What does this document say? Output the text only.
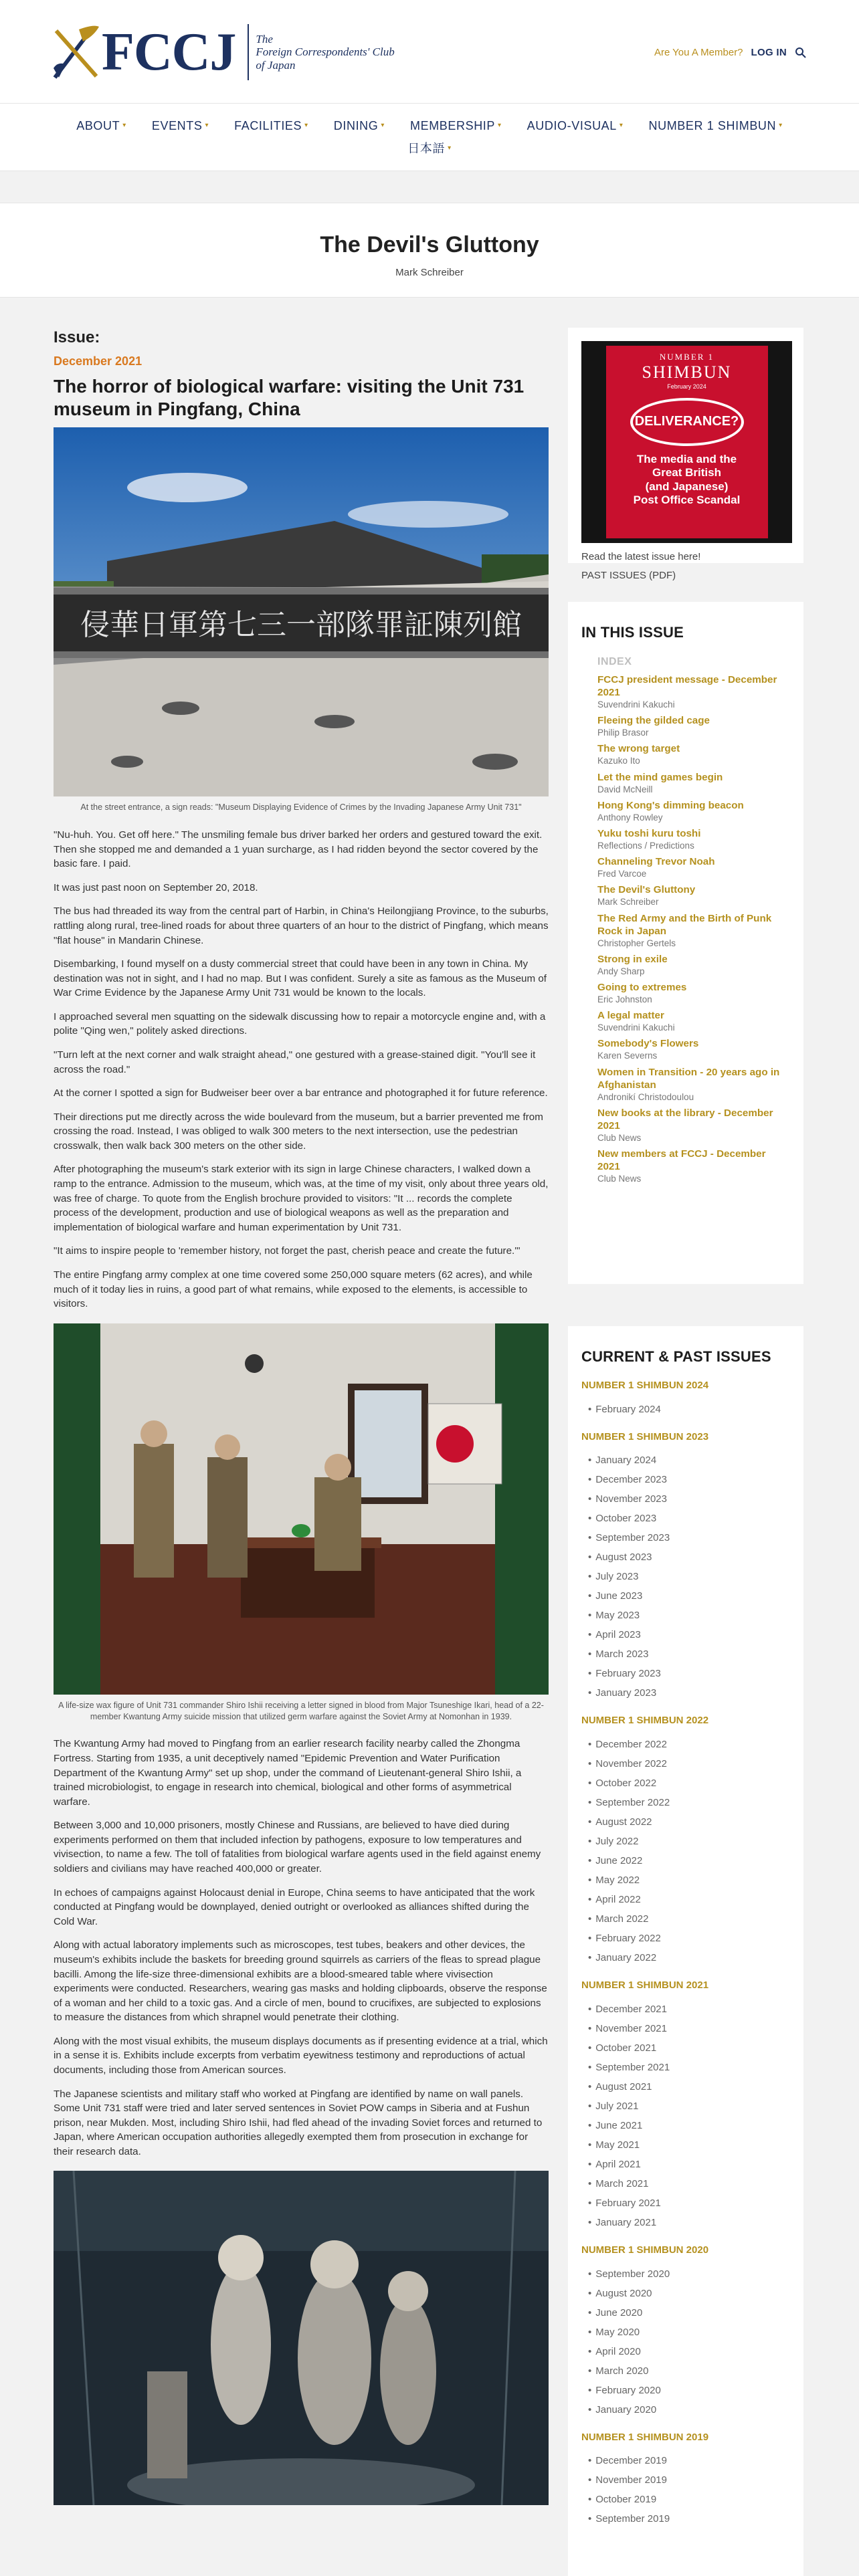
FCCJ The
Foreign Correspondents' Club
of Japan
Are You A Member? LOG IN
ABOUT ▾ EVENTS ▾ FACILITIES ▾ DINING ▾ MEMBERSHIP ▾ AUDIO-VISUAL ▾ NUMBER 1 SHIMBUN ▾
日本語 ▾
The Devil's Gluttony
Mark Schreiber
Issue:
December 2021
The horror of biological warfare: visiting the Unit 731 museum in Pingfang, China
侵華日軍第七三一部隊罪証陳列館
At the street entrance, a sign reads: "Museum Displaying Evidence of Crimes by the Invading Japanese Army Unit 731"

"Nu-huh. You. Get off here." The unsmiling female bus driver barked her orders and gestured toward the exit. Then she stopped me and demanded a 1 yuan surcharge, as I had ridden beyond the sector covered by the basic fare. I paid.

It was just past noon on September 20, 2018.

The bus had threaded its way from the central part of Harbin, in China's Heilongjiang Province, to the suburbs, rattling along rural, tree-lined roads for about three quarters of an hour to the district of Pingfang, which means "flat house" in Mandarin Chinese.

Disembarking, I found myself on a dusty commercial street that could have been in any town in China. My destination was not in sight, and I had no map. But I was confident. Surely a site as famous as the Museum of War Crime Evidence by the Japanese Army Unit 731 would be known to the locals.

I approached several men squatting on the sidewalk discussing how to repair a motorcycle engine and, with a polite "Qing wen," politely asked directions.

"Turn left at the next corner and walk straight ahead," one gestured with a grease-stained digit. "You'll see it across the road."

At the corner I spotted a sign for Budweiser beer over a bar entrance and photographed it for future reference.

Their directions put me directly across the wide boulevard from the museum, but a barrier prevented me from crossing the road. Instead, I was obliged to walk 300 meters to the next intersection, use the pedestrian crosswalk, then walk back 300 meters on the other side.

After photographing the museum's stark exterior with its sign in large Chinese characters, I walked down a ramp to the entrance. Admission to the museum, which was, at the time of my visit, only about three years old, was free of charge. To quote from the English brochure provided to visitors: "It ... records the complete process of the development, production and use of biological weapons as well as the preparation and implementation of biological warfare and human experimentation by Unit 731.

"It aims to inspire people to 'remember history, not forget the past, cherish peace and create the future.'"

The entire Pingfang army complex at one time covered some 250,000 square meters (62 acres), and while much of it today lies in ruins, a good part of what remains, while exposed to the elements, is accessible to visitors.

A life-size wax figure of Unit 731 commander Shiro Ishii receiving a letter signed in blood from Major Tsuneshige Ikari, head of a 22-member Kwantung Army suicide mission that utilized germ warfare against the Soviet Army at Nomonhan in 1939.

The Kwantung Army had moved to Pingfang from an earlier research facility nearby called the Zhongma Fortress. Starting from 1935, a unit deceptively named "Epidemic Prevention and Water Purification Department of the Kwantung Army" set up shop, under the command of Lieutenant-general Shiro Ishii, a trained microbiologist, to engage in research into chemical, biological and other forms of asymmetrical warfare.

Between 3,000 and 10,000 prisoners, mostly Chinese and Russians, are believed to have died during experiments performed on them that included infection by pathogens, exposure to low temperatures and vivisection, to name a few. The toll of fatalities from biological warfare agents used in the field against enemy soldiers and civilians may have reached 400,000 or greater.

In echoes of campaigns against Holocaust denial in Europe, China seems to have anticipated that the work conducted at Pingfang would be downplayed, denied outright or overlooked as alliances shifted during the Cold War.

Along with actual laboratory implements such as microscopes, test tubes, beakers and other devices, the museum's exhibits include the baskets for breeding ground squirrels as carriers of the fleas to spread plague bacilli. Among the life-size three-dimensional exhibits are a blood-smeared table where vivisection experiments were conducted. Researchers, wearing gas masks and holding clipboards, observe the response of a woman and her child to a toxic gas. And a circle of men, bound to crucifixes, are subjected to explosions to measure the distances from which shrapnel would penetrate their clothing.

Along with the most visual exhibits, the museum displays documents as if presenting evidence at a trial, which in a sense it is. Exhibits include excerpts from verbatim eyewitness testimony and reproductions of actual documents, including those from American sources.

The Japanese scientists and military staff who worked at Pingfang are identified by name on wall panels. Some Unit 731 staff were tried and later served sentences in Soviet POW camps in Siberia and at Fushun prison, near Mukden. Most, including Shiro Ishii, had fled ahead of the invading Soviet forces and returned to Japan, where American occupation authorities allegedly exempted them from prosecution in exchange for their research data.

NUMBER 1
SHIMBUN
February 2024
DELIVERANCE?
The media and the
Great British
(and Japanese)
Post Office Scandal
Read the latest issue here!
PAST ISSUES (PDF)
IN THIS ISSUE
INDEX
FCCJ president message - December 2021
Suvendrini Kakuchi
Fleeing the gilded cage
Philip Brasor
The wrong target
Kazuko Ito
Let the mind games begin
David McNeill
Hong Kong's dimming beacon
Anthony Rowley
Yuku toshi kuru toshi
Reflections / Predictions
Channeling Trevor Noah
Fred Varcoe
The Devil's Gluttony
Mark Schreiber
The Red Army and the Birth of Punk Rock in Japan
Christopher Gertels
Strong in exile
Andy Sharp
Going to extremes
Eric Johnston
A legal matter
Suvendrini Kakuchi
Somebody's Flowers
Karen Severns
Women in Transition - 20 years ago in Afghanistan
Andronikí Christodoulou
New books at the library - December 2021
Club News
New members at FCCJ - December 2021
Club News
CURRENT & PAST ISSUES
NUMBER 1 SHIMBUN 2024
• February 2024
NUMBER 1 SHIMBUN 2023
• January 2024
• December 2023
• November 2023
• October 2023
• September 2023
• August 2023
• July 2023
• June 2023
• May 2023
• April 2023
• March 2023
• February 2023
• January 2023
NUMBER 1 SHIMBUN 2022
• December 2022
• November 2022
• October 2022
• September 2022
• August 2022
• July 2022
• June 2022
• May 2022
• April 2022
• March 2022
• February 2022
• January 2022
NUMBER 1 SHIMBUN 2021
• December 2021
• November 2021
• October 2021
• September 2021
• August 2021
• July 2021
• June 2021
• May 2021
• April 2021
• March 2021
• February 2021
• January 2021
NUMBER 1 SHIMBUN 2020
• September 2020
• August 2020
• June 2020
• May 2020
• April 2020
• March 2020
• February 2020
• January 2020
NUMBER 1 SHIMBUN 2019
• December 2019
• November 2019
• October 2019
• September 2019
